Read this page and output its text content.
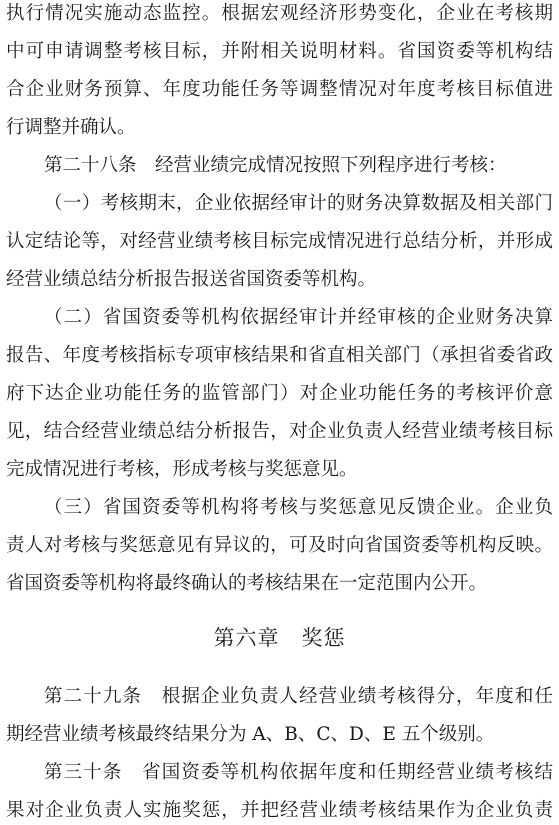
执行情况实施动态监控。根据宏观经济形势变化，企业在考核期
中可申请调整考核目标，并附相关说明材料。省国资委等机构结
合企业财务预算、年度功能任务等调整情况对年度考核目标值进
行调整并确认。
第二十八条　经营业绩完成情况按照下列程序进行考核：
（一）考核期末，企业依据经审计的财务决算数据及相关部门
认定结论等，对经营业绩考核目标完成情况进行总结分析，并形成
经营业绩总结分析报告报送省国资委等机构。
（二）省国资委等机构依据经审计并经审核的企业财务决算
报告、年度考核指标专项审核结果和省直相关部门（承担省委省政
府下达企业功能任务的监管部门）对企业功能任务的考核评价意
见，结合经营业绩总结分析报告，对企业负责人经营业绩考核目标
完成情况进行考核，形成考核与奖惩意见。
（三）省国资委等机构将考核与奖惩意见反馈企业。企业负
责人对考核与奖惩意见有异议的，可及时向省国资委等机构反映。
省国资委等机构将最终确认的考核结果在一定范围内公开。
第六章　奖惩
第二十九条　根据企业负责人经营业绩考核得分，年度和任
期经营业绩考核最终结果分为 A、B、C、D、E 五个级别。
第三十条　省国资委等机构依据年度和任期经营业绩考核结
果对企业负责人实施奖惩，并把经营业绩考核结果作为企业负责
